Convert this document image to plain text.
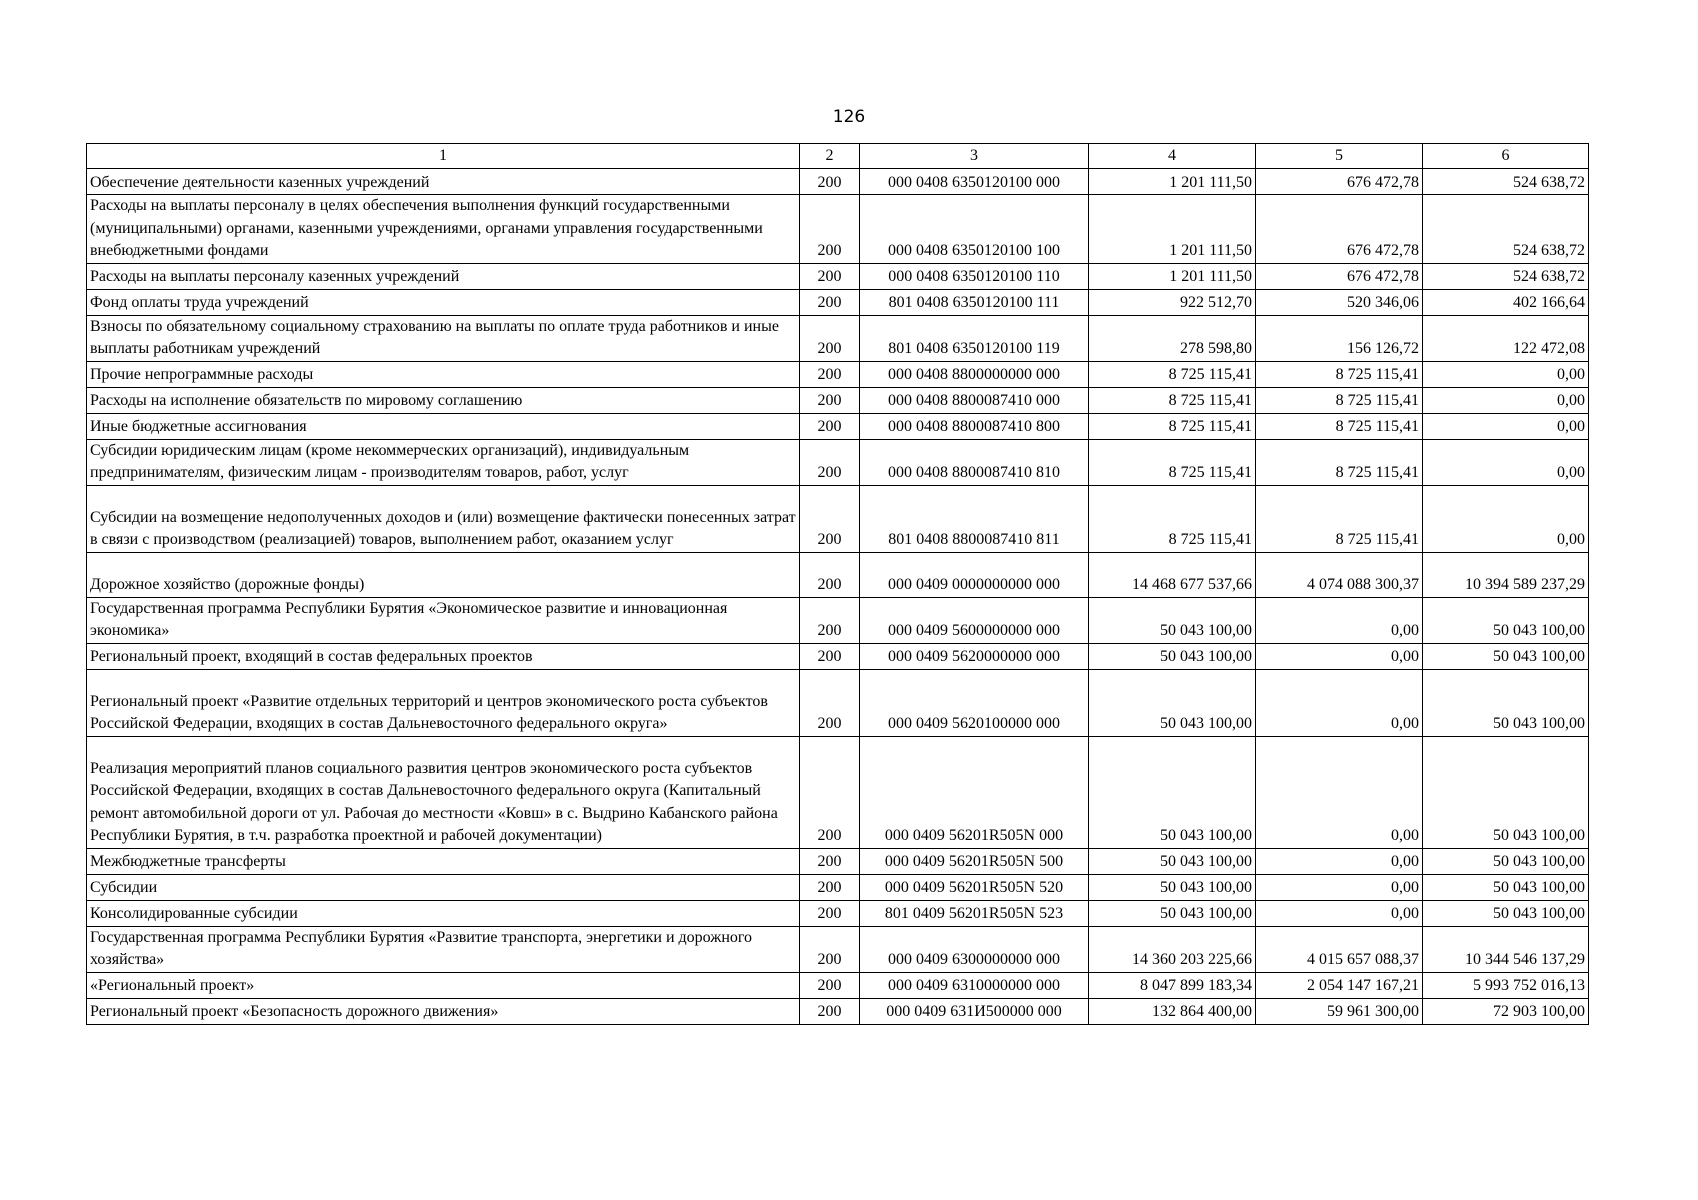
126
1	2	3	4	5	6
Обеспечение деятельности казенных учреждений	200	000 0408 6350120100 000	1 201 111,50	676 472,78	524 638,72
Расходы на выплаты персоналу в целях обеспечения выполнения функций государственными (муниципальными) органами, казенными учреждениями, органами управления государственными внебюджетными фондами	200	000 0408 6350120100 100	1 201 111,50	676 472,78	524 638,72
Расходы на выплаты персоналу казенных учреждений	200	000 0408 6350120100 110	1 201 111,50	676 472,78	524 638,72
Фонд оплаты труда учреждений	200	801 0408 6350120100 111	922 512,70	520 346,06	402 166,64
Взносы по обязательному социальному страхованию на выплаты по оплате труда работников и иные выплаты работникам учреждений	200	801 0408 6350120100 119	278 598,80	156 126,72	122 472,08
Прочие непрограммные расходы	200	000 0408 8800000000 000	8 725 115,41	8 725 115,41	0,00
Расходы на исполнение обязательств по мировому соглашению	200	000 0408 8800087410 000	8 725 115,41	8 725 115,41	0,00
Иные бюджетные ассигнования	200	000 0408 8800087410 800	8 725 115,41	8 725 115,41	0,00
Субсидии юридическим лицам (кроме некоммерческих организаций), индивидуальным предпринимателям, физическим лицам - производителям товаров, работ, услуг	200	000 0408 8800087410 810	8 725 115,41	8 725 115,41	0,00
Субсидии на возмещение недополученных доходов и (или) возмещение фактически понесенных затрат в связи с производством (реализацией) товаров, выполнением работ, оказанием услуг	200	801 0408 8800087410 811	8 725 115,41	8 725 115,41	0,00
Дорожное хозяйство (дорожные фонды)	200	000 0409 0000000000 000	14 468 677 537,66	4 074 088 300,37	10 394 589 237,29
Государственная программа Республики Бурятия «Экономическое развитие и инновационная экономика»	200	000 0409 5600000000 000	50 043 100,00	0,00	50 043 100,00
Региональный проект, входящий в состав федеральных проектов	200	000 0409 5620000000 000	50 043 100,00	0,00	50 043 100,00
Региональный проект «Развитие отдельных территорий и центров экономического роста субъектов Российской Федерации, входящих в состав Дальневосточного федерального округа»	200	000 0409 5620100000 000	50 043 100,00	0,00	50 043 100,00
Реализация мероприятий планов социального развития центров экономического роста субъектов Российской Федерации, входящих в состав Дальневосточного федерального округа (Капитальный ремонт автомобильной дороги от ул. Рабочая до местности «Ковш» в с. Выдрино Кабанского района Республики Бурятия, в т.ч. разработка проектной и рабочей документации)	200	000 0409 56201R505N 000	50 043 100,00	0,00	50 043 100,00
Межбюджетные трансферты	200	000 0409 56201R505N 500	50 043 100,00	0,00	50 043 100,00
Субсидии	200	000 0409 56201R505N 520	50 043 100,00	0,00	50 043 100,00
Консолидированные субсидии	200	801 0409 56201R505N 523	50 043 100,00	0,00	50 043 100,00
Государственная программа Республики Бурятия «Развитие транспорта, энергетики и дорожного хозяйства»	200	000 0409 6300000000 000	14 360 203 225,66	4 015 657 088,37	10 344 546 137,29
«Региональный проект»	200	000 0409 6310000000 000	8 047 899 183,34	2 054 147 167,21	5 993 752 016,13
Региональный проект «Безопасность дорожного движения»	200	000 0409 631И500000 000	132 864 400,00	59 961 300,00	72 903 100,00
